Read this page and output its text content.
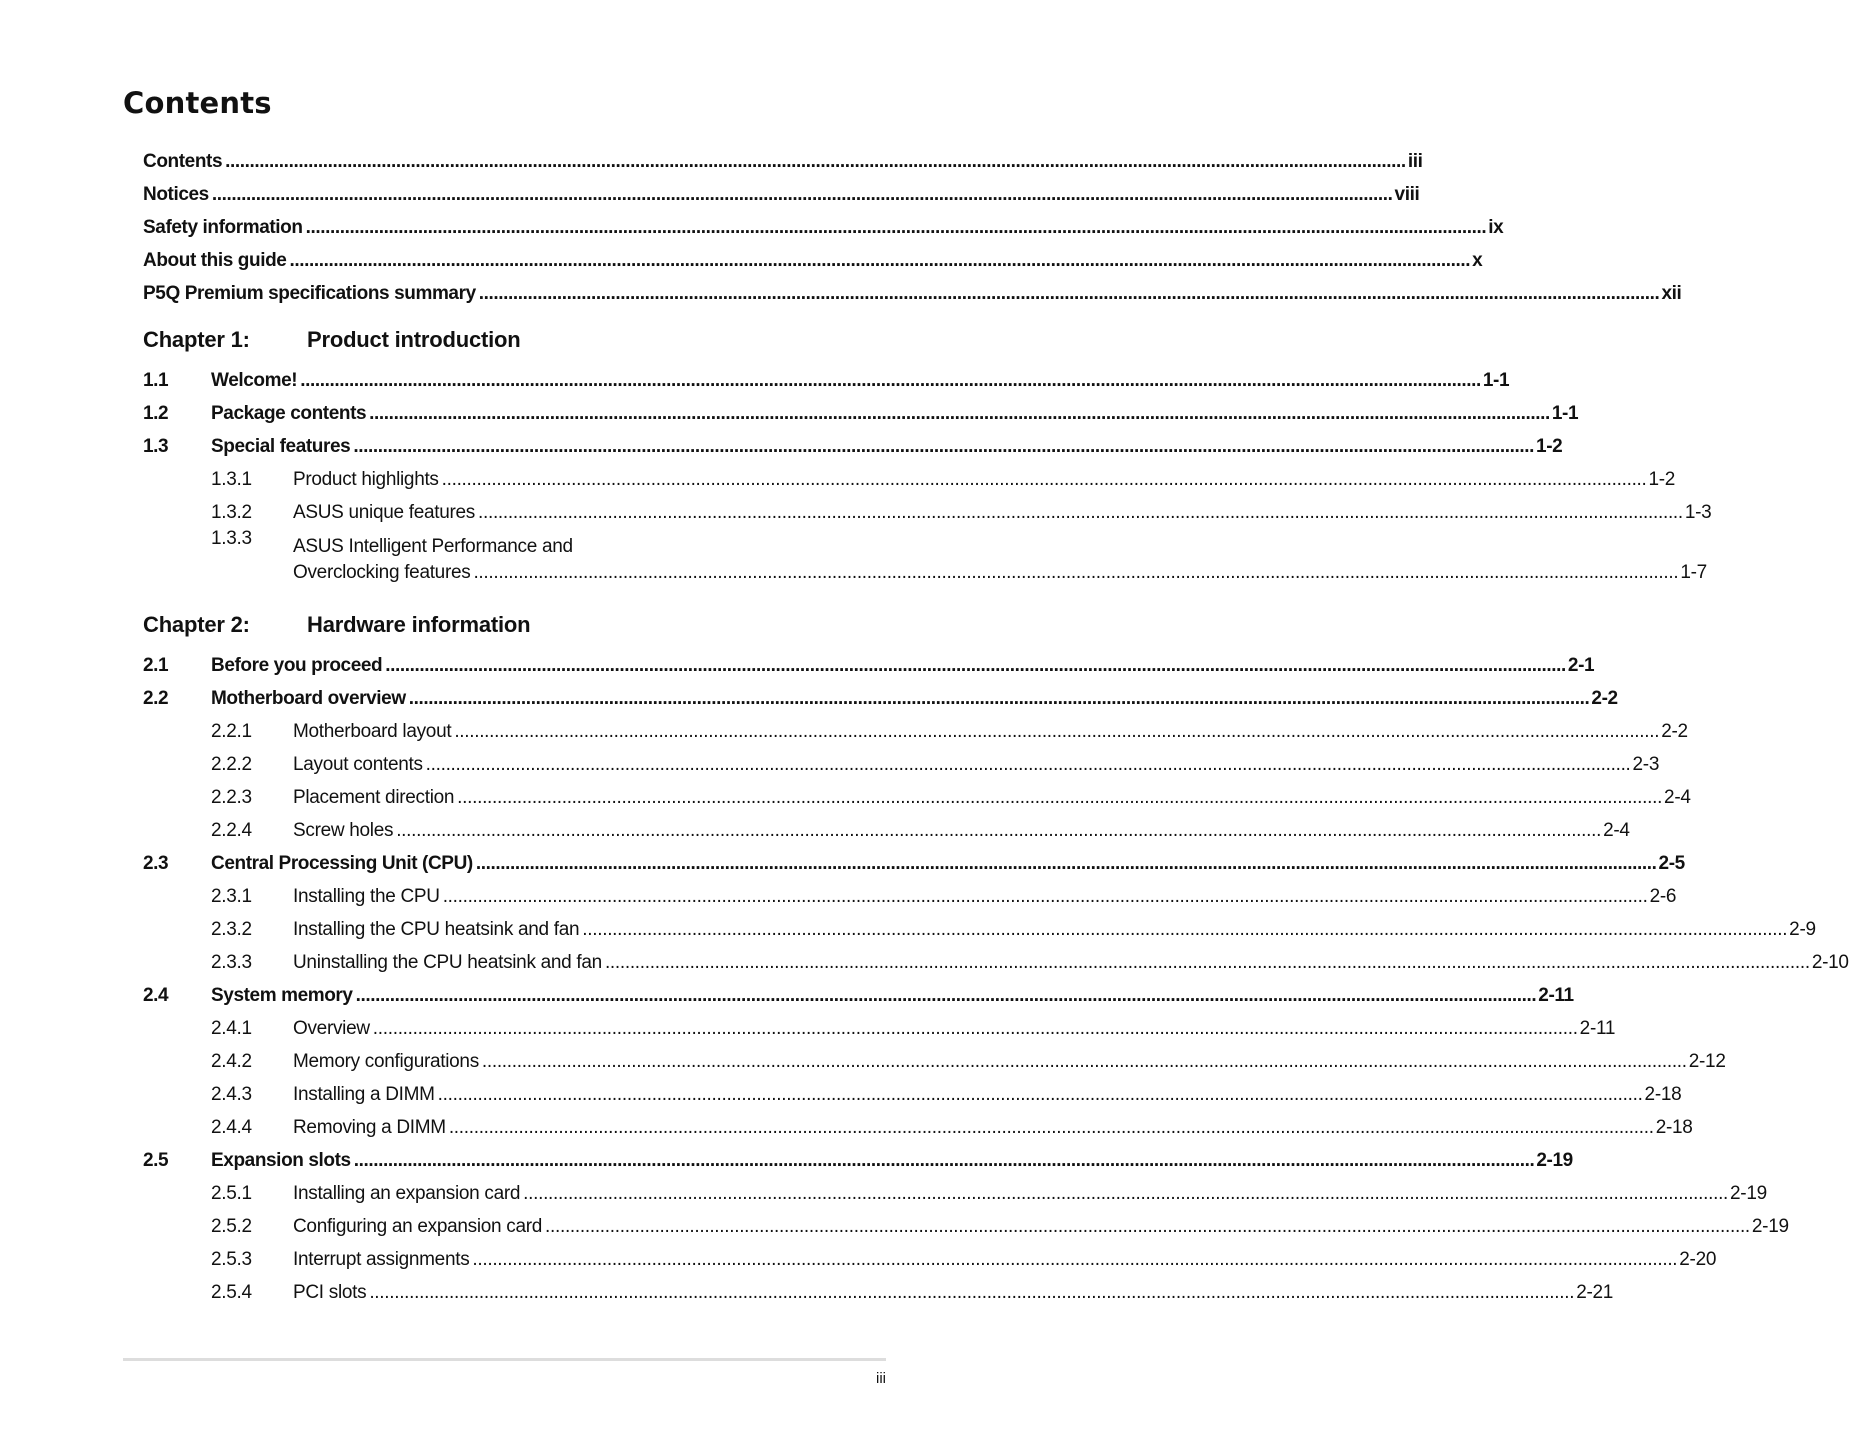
Contents
Contents .....	iii
Notices .....	viii
Safety information .....	ix
About this guide .....	x
P5Q Premium specifications summary .....	xii
Chapter 1:	Product introduction
1.1	Welcome! .....	1-1
1.2	Package contents .....	1-1
1.3	Special features .....	1-2
1.3.1	Product highlights .....	1-2
1.3.2	ASUS unique features .....	1-3
1.3.3	ASUS Intelligent Performance and
Overclocking features .....	1-7
Chapter 2:	Hardware information
2.1	Before you proceed .....	2-1
2.2	Motherboard overview .....	2-2
2.2.1	Motherboard layout .....	2-2
2.2.2	Layout contents .....	2-3
2.2.3	Placement direction .....	2-4
2.2.4	Screw holes .....	2-4
2.3	Central Processing Unit (CPU) .....	2-5
2.3.1	Installing the CPU .....	2-6
2.3.2	Installing the CPU heatsink and fan .....	2-9
2.3.3	Uninstalling the CPU heatsink and fan .....	2-10
2.4	System memory .....	2-11
2.4.1	Overview .....	2-11
2.4.2	Memory configurations .....	2-12
2.4.3	Installing a DIMM .....	2-18
2.4.4	Removing a DIMM .....	2-18
2.5	Expansion slots .....	2-19
2.5.1	Installing an expansion card .....	2-19
2.5.2	Configuring an expansion card .....	2-19
2.5.3	Interrupt assignments .....	2-20
2.5.4	PCI slots .....	2-21
iii
